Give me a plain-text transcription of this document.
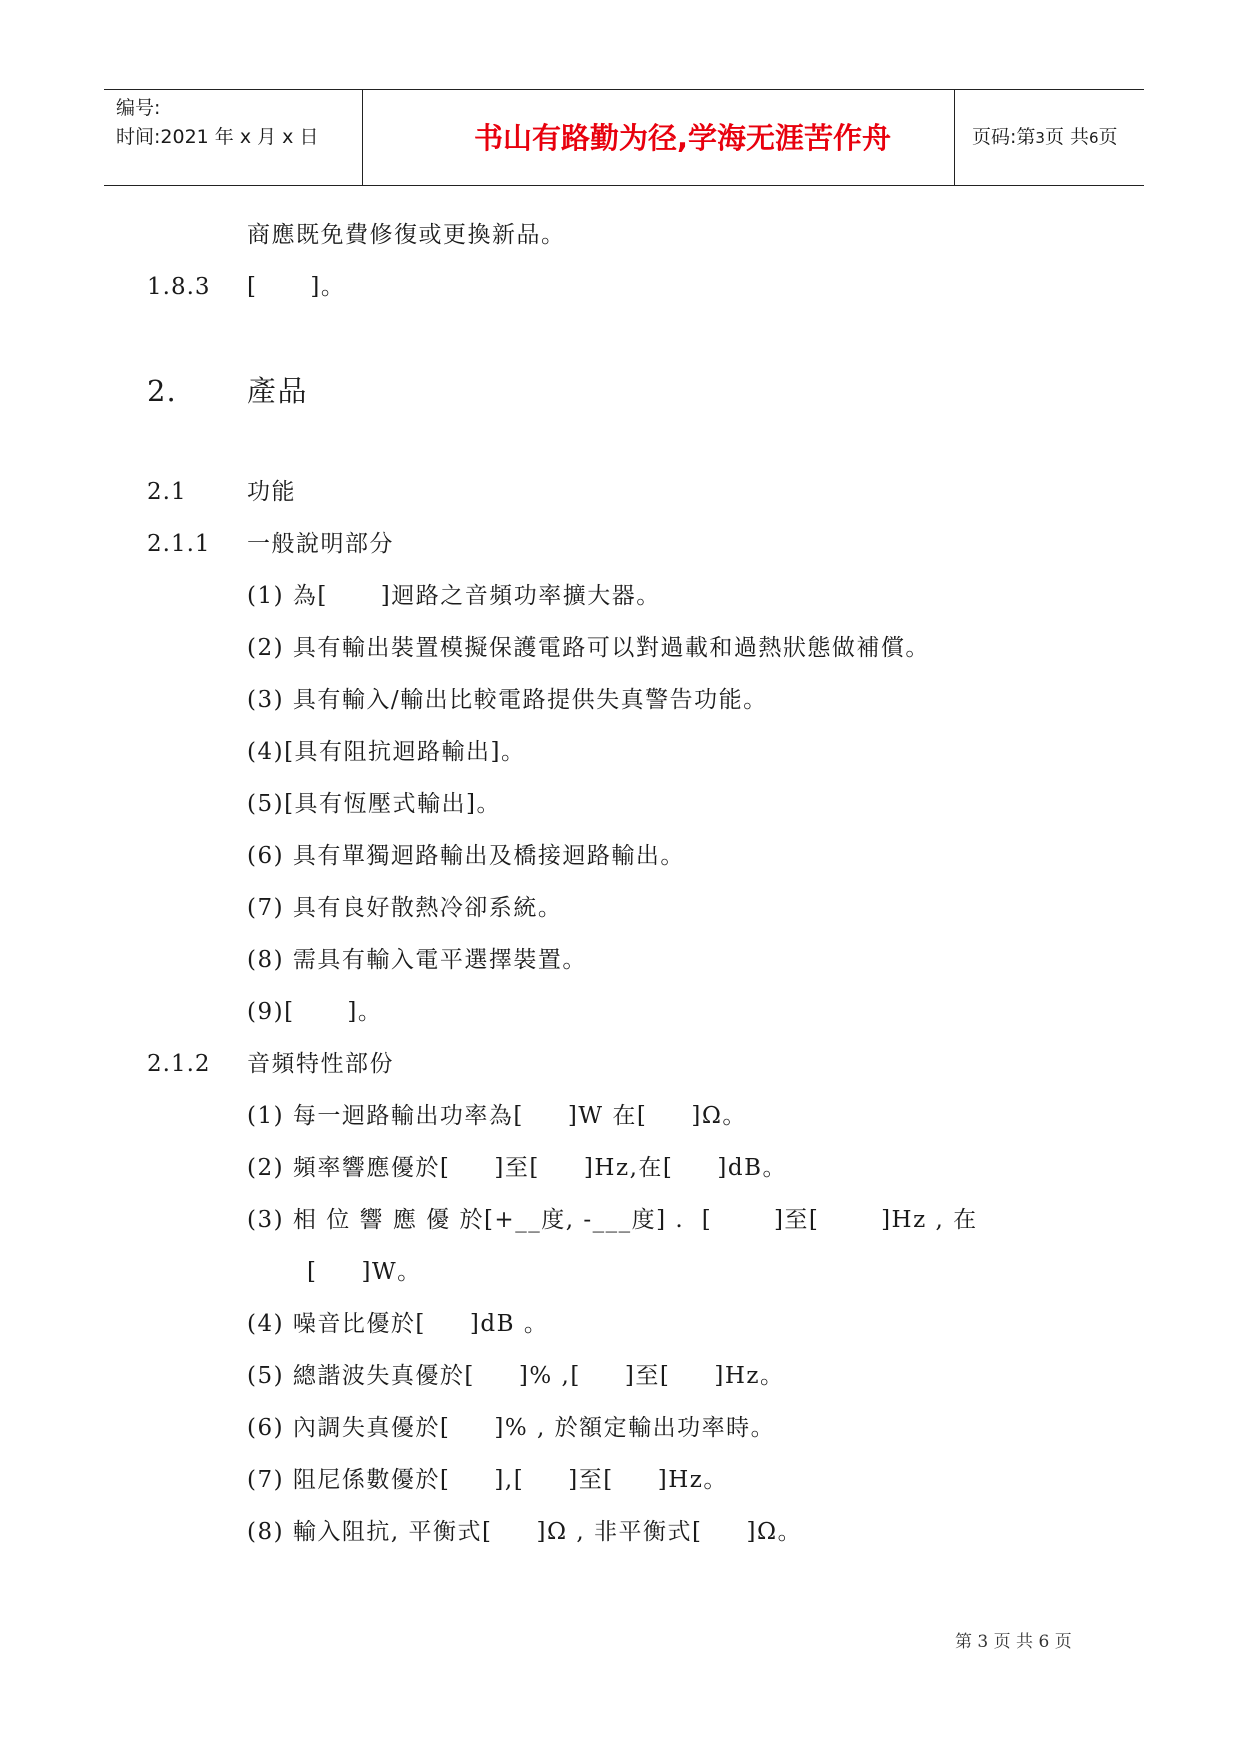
编号:
时间:2021 年 x 月 x 日	书山有路勤为径,学海无涯苦作舟	页码:第3页 共6页
商應既免費修復或更換新品。
1.8.3 [      ]。
2. 產品
2.1	功能
2.1.1 一般說明部分
(1) 為[      ]迴路之音頻功率擴大器。
(2) 具有輸出裝置模擬保護電路可以對過載和過熱狀態做補償。
(3) 具有輸入/輸出比較電路提供失真警告功能。
(4)[具有阻抗迴路輸出]。
(5)[具有恆壓式輸出]。
(6) 具有單獨迴路輸出及橋接迴路輸出。
(7) 具有良好散熱冷卻系統。
(8) 需具有輸入電平選擇裝置。
(9)[      ]。
2.1.2 音頻特性部份
(1) 每一迴路輸出功率為[     ]W 在[     ]Ω。
(2) 頻率響應優於[     ]至[     ]Hz,在[     ]dB。
(3) 相 位 響 應 優 於[+__度, -___度] .  [       ]至[       ]Hz , 在
[     ]W。
(4) 噪音比優於[     ]dB 。
(5) 總諧波失真優於[     ]% ,[     ]至[     ]Hz。
(6) 內調失真優於[     ]% , 於額定輸出功率時。
(7) 阻尼係數優於[     ],[     ]至[     ]Hz。
(8) 輸入阻抗, 平衡式[     ]Ω , 非平衡式[     ]Ω。
第 3 页 共 6 页
